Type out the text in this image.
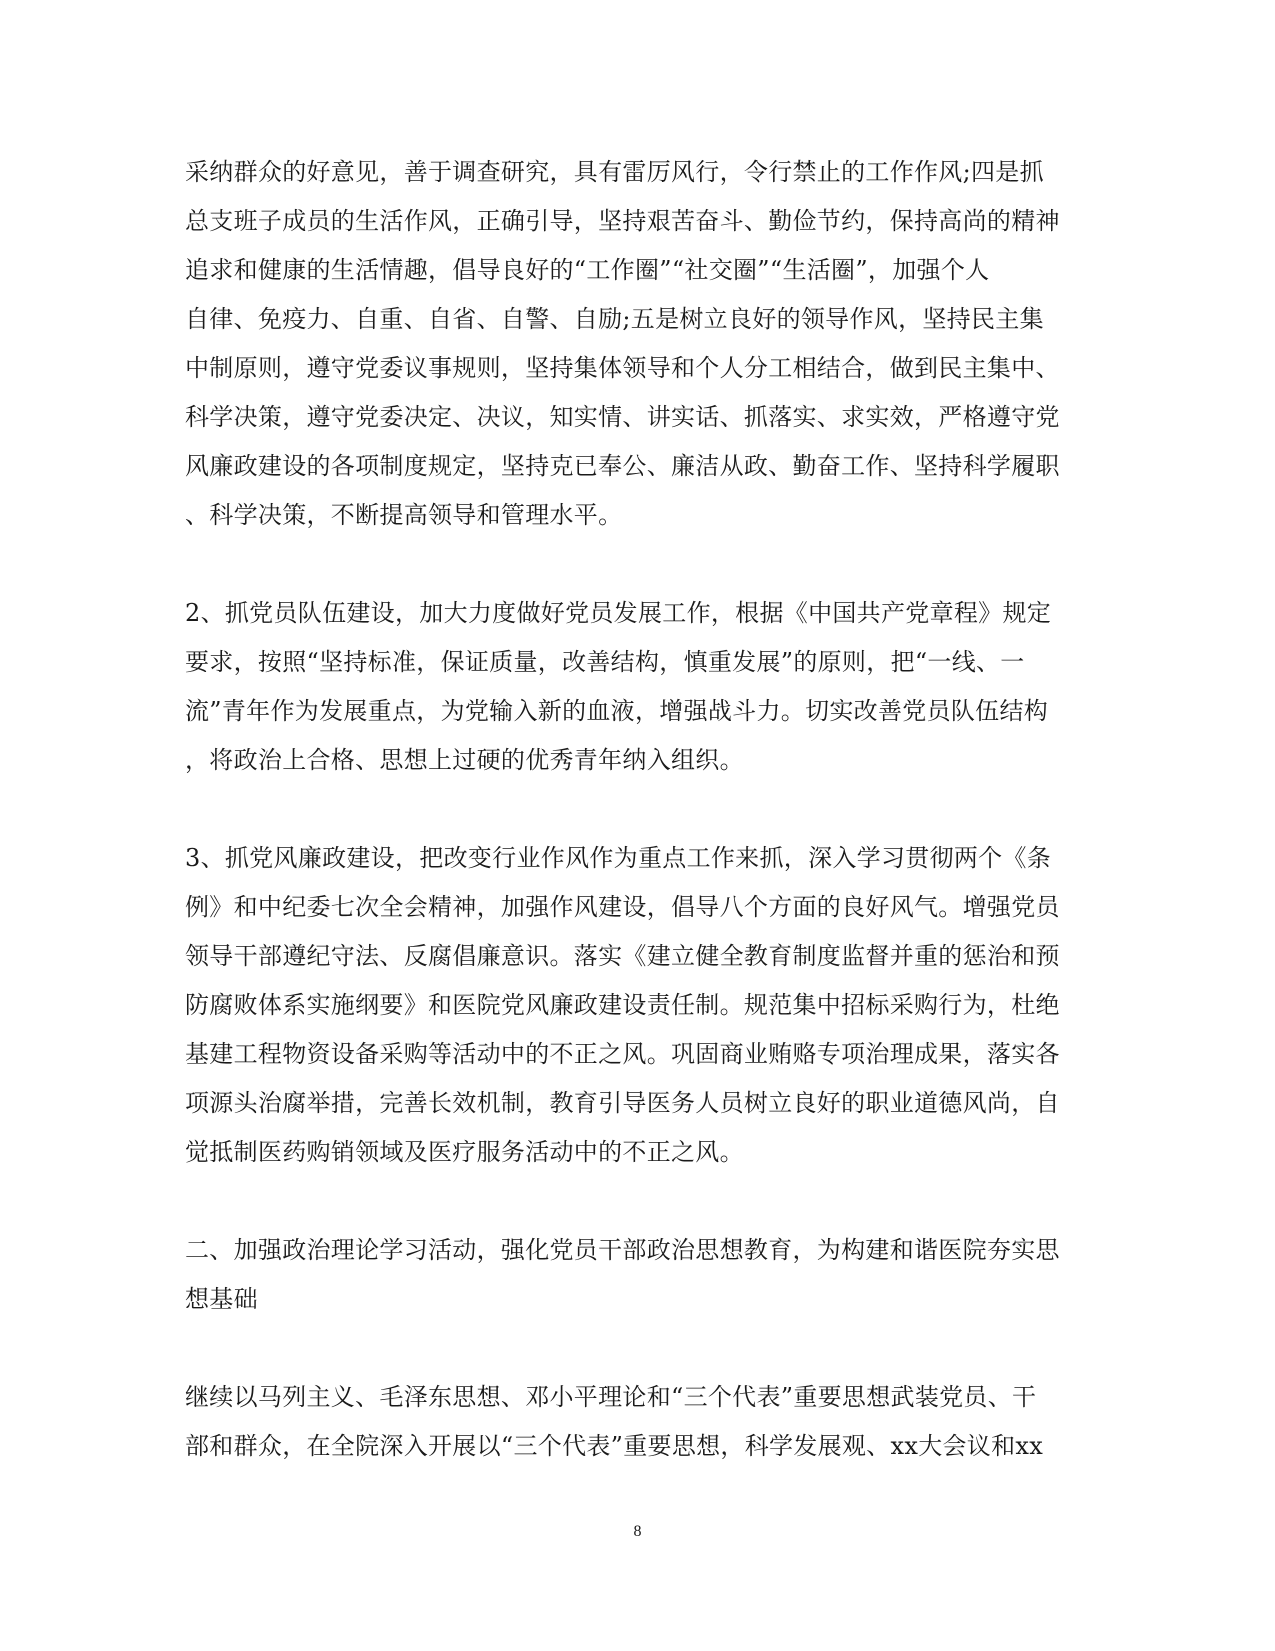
采纳群众的好意见，善于调查研究，具有雷厉风行，令行禁止的工作作风;四是抓
总支班子成员的生活作风，正确引导，坚持艰苦奋斗、勤俭节约，保持高尚的精神
追求和健康的生活情趣，倡导良好的“工作圈”“社交圈”“生活圈”，加强个人
自律、免疫力、自重、自省、自警、自励;五是树立良好的领导作风，坚持民主集
中制原则，遵守党委议事规则，坚持集体领导和个人分工相结合，做到民主集中、
科学决策，遵守党委决定、决议，知实情、讲实话、抓落实、求实效，严格遵守党
风廉政建设的各项制度规定，坚持克已奉公、廉洁从政、勤奋工作、坚持科学履职
、科学决策，不断提高领导和管理水平。
2、抓党员队伍建设，加大力度做好党员发展工作，根据《中国共产党章程》规定
要求，按照“坚持标准，保证质量，改善结构，慎重发展”的原则，把“一线、一
流”青年作为发展重点，为党输入新的血液，增强战斗力。切实改善党员队伍结构
，将政治上合格、思想上过硬的优秀青年纳入组织。
3、抓党风廉政建设，把改变行业作风作为重点工作来抓，深入学习贯彻两个《条
例》和中纪委七次全会精神，加强作风建设，倡导八个方面的良好风气。增强党员
领导干部遵纪守法、反腐倡廉意识。落实《建立健全教育制度监督并重的惩治和预
防腐败体系实施纲要》和医院党风廉政建设责任制。规范集中招标采购行为，杜绝
基建工程物资设备采购等活动中的不正之风。巩固商业贿赂专项治理成果，落实各
项源头治腐举措，完善长效机制，教育引导医务人员树立良好的职业道德风尚，自
觉抵制医药购销领域及医疗服务活动中的不正之风。
二、加强政治理论学习活动，强化党员干部政治思想教育，为构建和谐医院夯实思
想基础
继续以马列主义、毛泽东思想、邓小平理论和“三个代表”重要思想武装党员、干
部和群众，在全院深入开展以“三个代表”重要思想，科学发展观、xx大会议和xx
8
